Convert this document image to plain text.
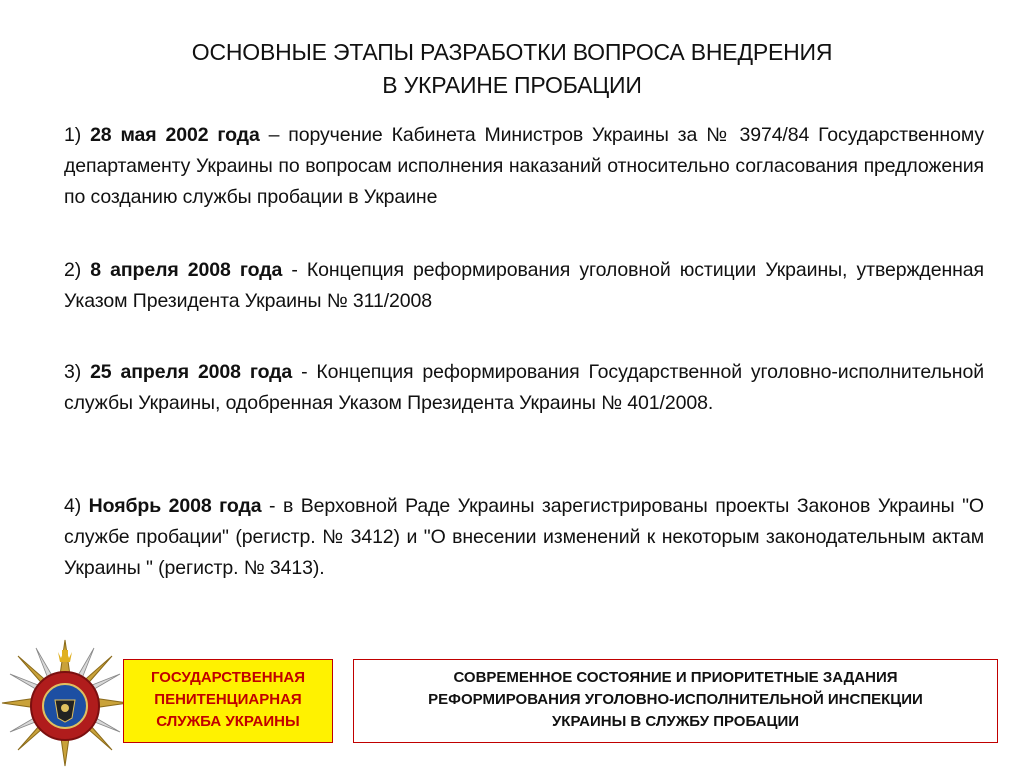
ОСНОВНЫЕ ЭТАПЫ РАЗРАБОТКИ ВОПРОСА ВНЕДРЕНИЯ
В УКРАИНЕ ПРОБАЦИИ
1) 28 мая 2002 года – поручение Кабинета Министров Украины за № 3974/84 Государственному департаменту Украины по вопросам исполнения наказаний относительно согласования предложения по созданию службы пробации в Украине
2) 8 апреля 2008 года - Концепция реформирования уголовной юстиции Украины, утвержденная Указом Президента Украины № 311/2008
3) 25 апреля 2008 года - Концепция реформирования Государственной уголовно-исполнительной службы Украины, одобренная Указом Президента Украины № 401/2008.
4) Ноябрь 2008 года - в Верховной Раде Украины зарегистрированы проекты Законов Украины "О службе пробации" (регистр. № 3412) и "О внесении изменений к некоторым законодательным актам Украины " (регистр. № 3413).
ГОСУДАРСТВЕННАЯ
ПЕНИТЕНЦИАРНАЯ
СЛУЖБА УКРАИНЫ
СОВРЕМЕННОЕ СОСТОЯНИЕ И ПРИОРИТЕТНЫЕ ЗАДАНИЯ
РЕФОРМИРОВАНИЯ УГОЛОВНО-ИСПОЛНИТЕЛЬНОЙ ИНСПЕКЦИИ
УКРАИНЫ В СЛУЖБУ ПРОБАЦИИ
